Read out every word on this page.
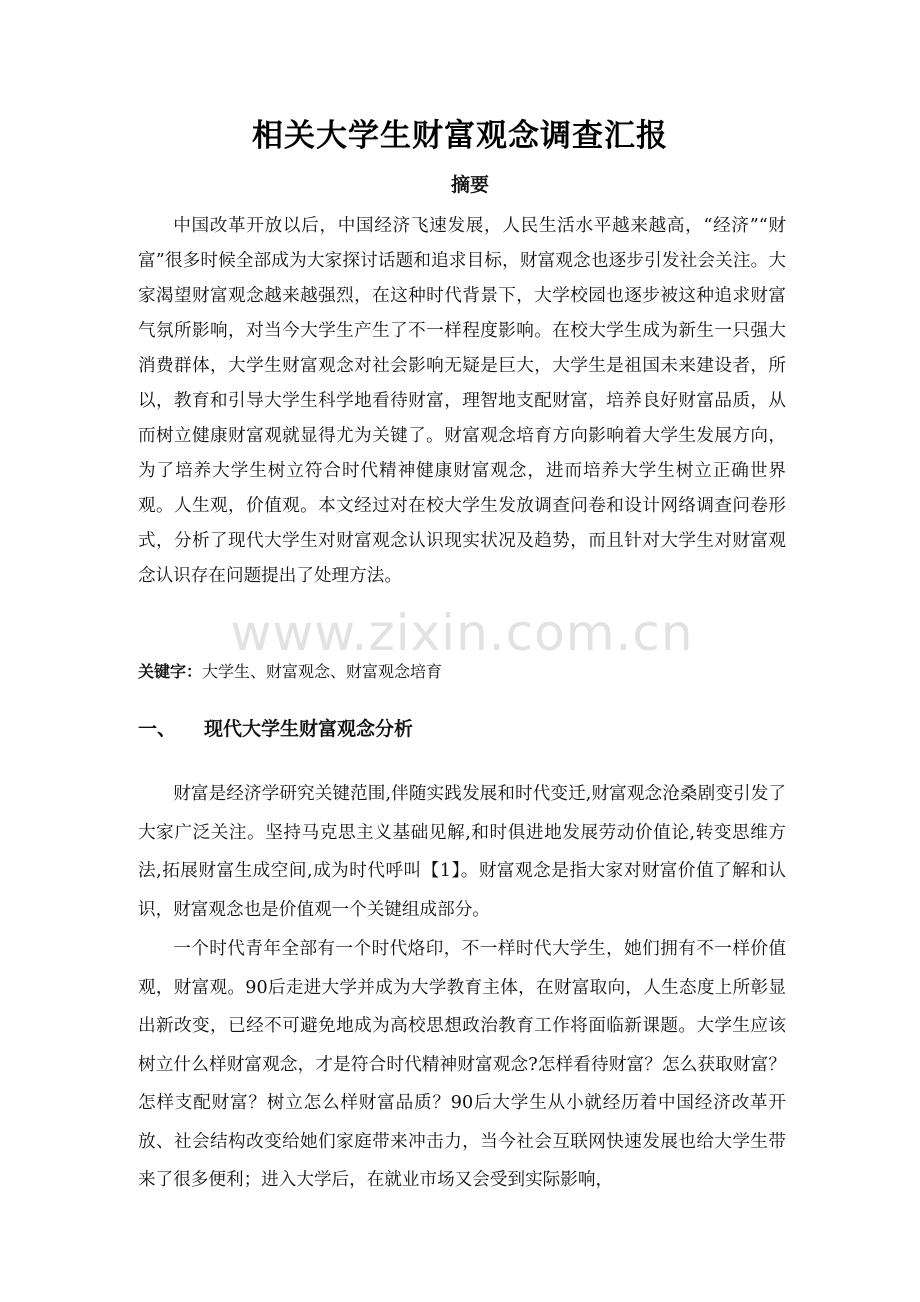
相关大学生财富观念调查汇报
摘要

中国改革开放以后，中国经济飞速发展，人民生活水平越来越高，“经济”“财富”很多时候全部成为大家探讨话题和追求目标，财富观念也逐步引发社会关注。大家渴望财富观念越来越强烈，在这种时代背景下，大学校园也逐步被这种追求财富气氛所影响，对当今大学生产生了不一样程度影响。在校大学生成为新生一只强大消费群体，大学生财富观念对社会影响无疑是巨大，大学生是祖国未来建设者，所以，教育和引导大学生科学地看待财富，理智地支配财富，培养良好财富品质，从而树立健康财富观就显得尤为关键了。财富观念培育方向影响着大学生发展方向，为了培养大学生树立符合时代精神健康财富观念，进而培养大学生树立正确世界观。人生观，价值观。本文经过对在校大学生发放调查问卷和设计网络调查问卷形式，分析了现代大学生对财富观念认识现实状况及趋势，而且针对大学生对财富观念认识存在问题提出了处理方法。

www.zixin.com.cn
关键字：大学生、财富观念、财富观念培育
一、 现代大学生财富观念分析

财富是经济学研究关键范围,伴随实践发展和时代变迁,财富观念沧桑剧变引发了大家广泛关注。坚持马克思主义基础见解,和时俱进地发展劳动价值论,转变思维方法,拓展财富生成空间,成为时代呼叫【1】。财富观念是指大家对财富价值了解和认识，财富观念也是价值观一个关键组成部分。

一个时代青年全部有一个时代烙印，不一样时代大学生，她们拥有不一样价值观，财富观。90后走进大学并成为大学教育主体，在财富取向，人生态度上所彰显出新改变，已经不可避免地成为高校思想政治教育工作将面临新课题。大学生应该树立什么样财富观念，才是符合时代精神财富观念?怎样看待财富？怎么获取财富？怎样支配财富？树立怎么样财富品质？90后大学生从小就经历着中国经济改革开放、社会结构改变给她们家庭带来冲击力，当今社会互联网快速发展也给大学生带来了很多便利；进入大学后，在就业市场又会受到实际影响，
